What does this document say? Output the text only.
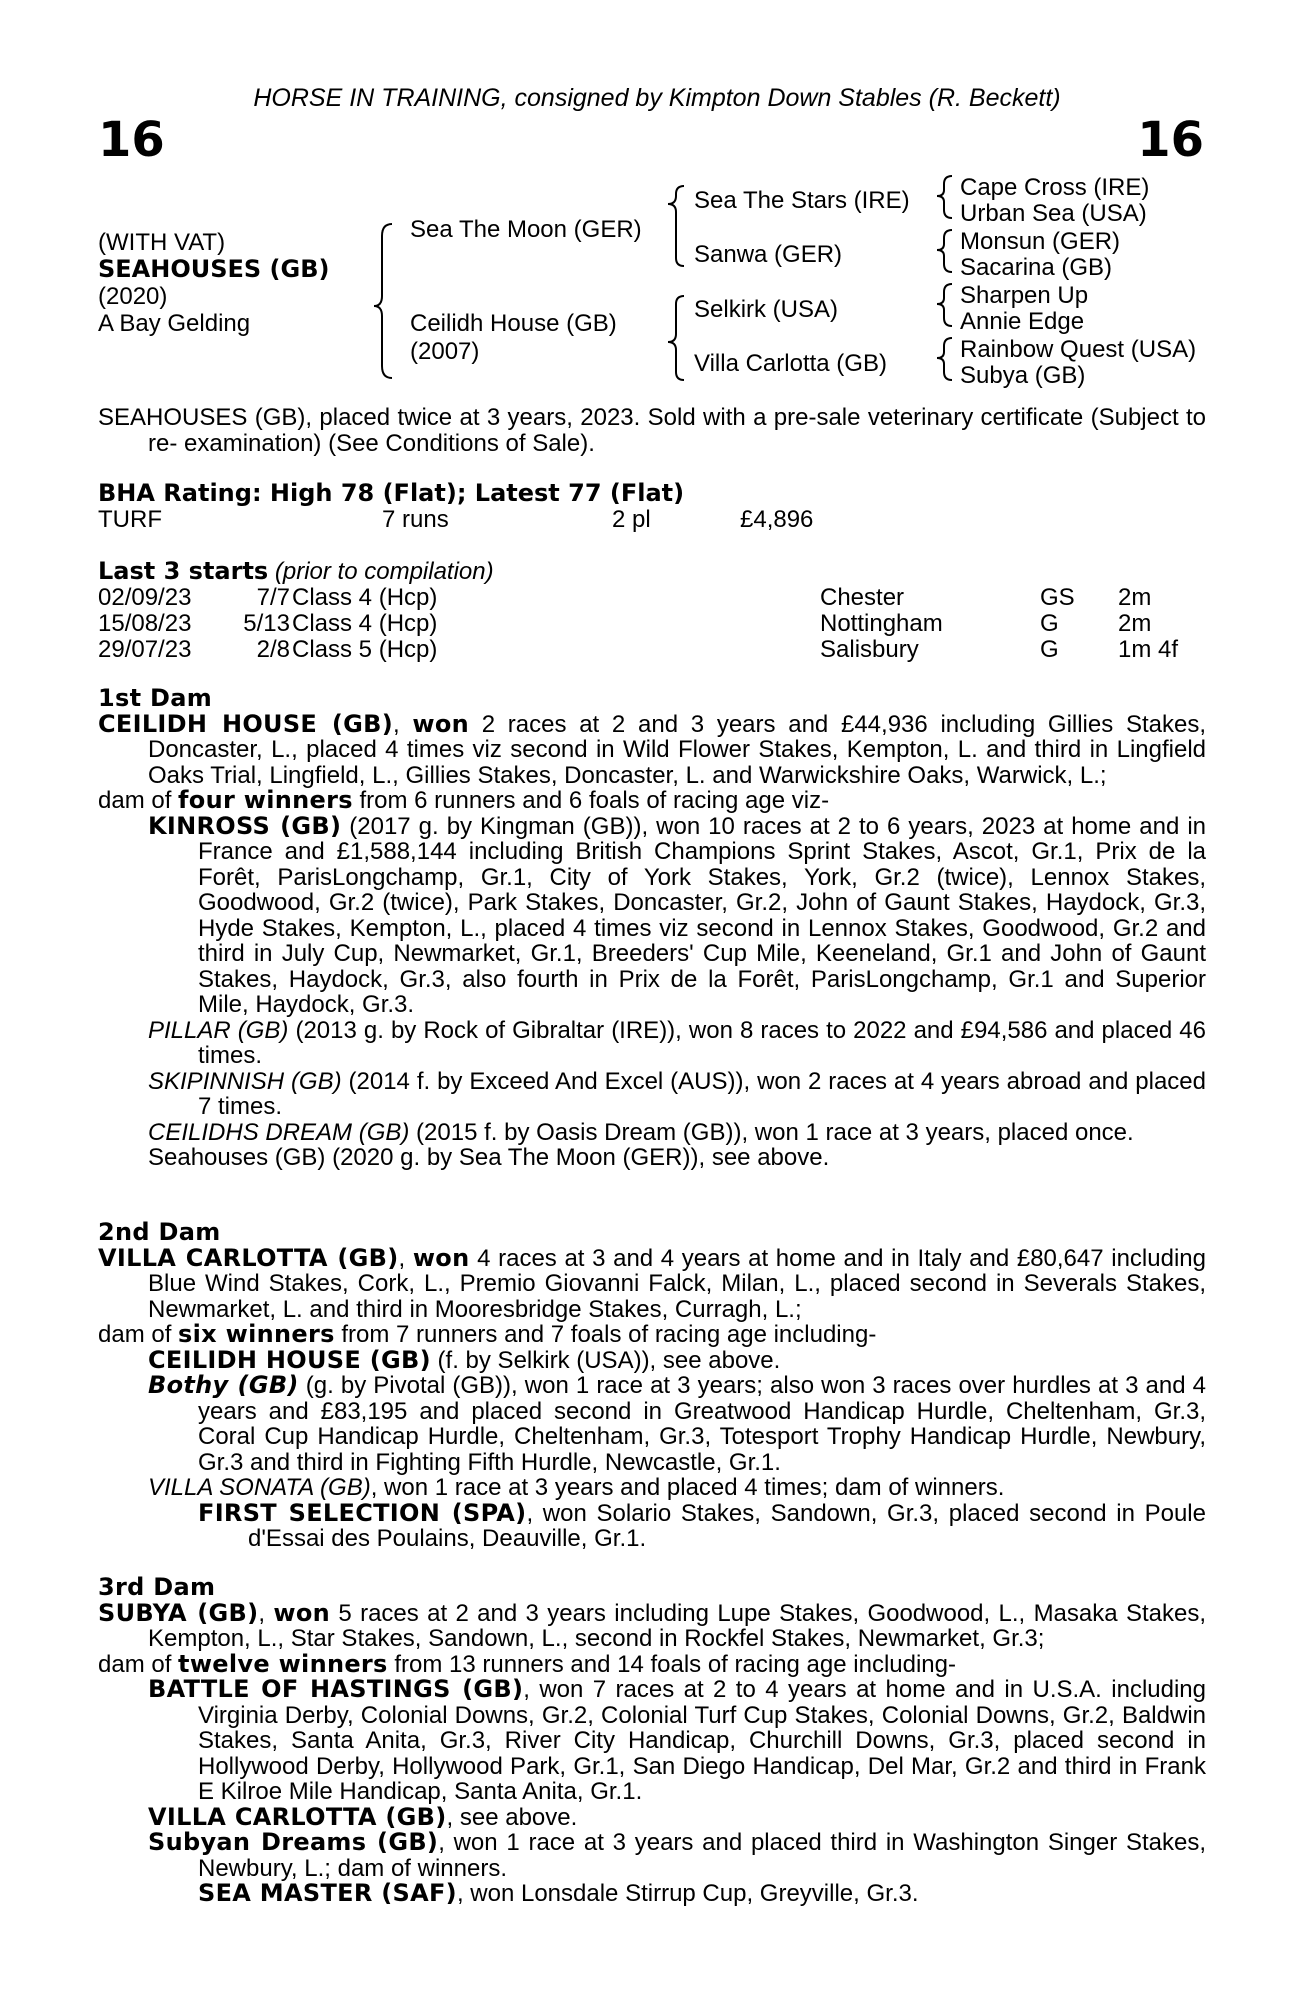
HORSE IN TRAINING, consigned by Kimpton Down Stables (R. Beckett)
16	16
(WITH VAT)
SEAHOUSES (GB)
(2020)
A Bay Gelding
Sea The Moon (GER)
Ceilidh House (GB)
(2007)
Sea The Stars (IRE)
Sanwa (GER)
Selkirk (USA)
Villa Carlotta (GB)
Cape Cross (IRE)
Urban Sea (USA)
Monsun (GER)
Sacarina (GB)
Sharpen Up
Annie Edge
Rainbow Quest (USA)
Subya (GB)

SEAHOUSES (GB), placed twice at 3 years, 2023. Sold with a pre-sale veterinary certificate (Subject to re- examination) (See Conditions of Sale).

BHA Rating: High 78 (Flat); Latest 77 (Flat)
TURF	7 runs	2 pl	£4,896
Last 3 starts (prior to compilation)
02/09/23	7/7 Class 4 (Hcp)	Chester	GS 2m
15/08/23	5/13 Class 4 (Hcp)	Nottingham	G 2m
29/07/23	2/8 Class 5 (Hcp)	Salisbury	G 1m 4f

1st Dam

CEILIDH HOUSE (GB), won 2 races at 2 and 3 years and £44,936 including Gillies Stakes, Doncaster, L., placed 4 times viz second in Wild Flower Stakes, Kempton, L. and third in Lingfield Oaks Trial, Lingfield, L., Gillies Stakes, Doncaster, L. and Warwickshire Oaks, Warwick, L.;

dam of four winners from 6 runners and 6 foals of racing age viz-

KINROSS (GB) (2017 g. by Kingman (GB)), won 10 races at 2 to 6 years, 2023 at home and in France and £1,588,144 including British Champions Sprint Stakes, Ascot, Gr.1, Prix de la Forêt, ParisLongchamp, Gr.1, City of York Stakes, York, Gr.2 (twice), Lennox Stakes, Goodwood, Gr.2 (twice), Park Stakes, Doncaster, Gr.2, John of Gaunt Stakes, Haydock, Gr.3, Hyde Stakes, Kempton, L., placed 4 times viz second in Lennox Stakes, Goodwood, Gr.2 and third in July Cup, Newmarket, Gr.1, Breeders' Cup Mile, Keeneland, Gr.1 and John of Gaunt Stakes, Haydock, Gr.3, also fourth in Prix de la Forêt, ParisLongchamp, Gr.1 and Superior Mile, Haydock, Gr.3.

PILLAR (GB) (2013 g. by Rock of Gibraltar (IRE)), won 8 races to 2022 and £94,586 and placed 46 times.

SKIPINNISH (GB) (2014 f. by Exceed And Excel (AUS)), won 2 races at 4 years abroad and placed 7 times.

CEILIDHS DREAM (GB) (2015 f. by Oasis Dream (GB)), won 1 race at 3 years, placed once.

Seahouses (GB) (2020 g. by Sea The Moon (GER)), see above.

2nd Dam

VILLA CARLOTTA (GB), won 4 races at 3 and 4 years at home and in Italy and £80,647 including Blue Wind Stakes, Cork, L., Premio Giovanni Falck, Milan, L., placed second in Severals Stakes, Newmarket, L. and third in Mooresbridge Stakes, Curragh, L.;

dam of six winners from 7 runners and 7 foals of racing age including-

CEILIDH HOUSE (GB) (f. by Selkirk (USA)), see above.

Bothy (GB) (g. by Pivotal (GB)), won 1 race at 3 years; also won 3 races over hurdles at 3 and 4 years and £83,195 and placed second in Greatwood Handicap Hurdle, Cheltenham, Gr.3, Coral Cup Handicap Hurdle, Cheltenham, Gr.3, Totesport Trophy Handicap Hurdle, Newbury, Gr.3 and third in Fighting Fifth Hurdle, Newcastle, Gr.1.

VILLA SONATA (GB), won 1 race at 3 years and placed 4 times; dam of winners.

FIRST SELECTION (SPA), won Solario Stakes, Sandown, Gr.3, placed second in Poule d'Essai des Poulains, Deauville, Gr.1.

3rd Dam

SUBYA (GB), won 5 races at 2 and 3 years including Lupe Stakes, Goodwood, L., Masaka Stakes, Kempton, L., Star Stakes, Sandown, L., second in Rockfel Stakes, Newmarket, Gr.3;

dam of twelve winners from 13 runners and 14 foals of racing age including-

BATTLE OF HASTINGS (GB), won 7 races at 2 to 4 years at home and in U.S.A. including Virginia Derby, Colonial Downs, Gr.2, Colonial Turf Cup Stakes, Colonial Downs, Gr.2, Baldwin Stakes, Santa Anita, Gr.3, River City Handicap, Churchill Downs, Gr.3, placed second in Hollywood Derby, Hollywood Park, Gr.1, San Diego Handicap, Del Mar, Gr.2 and third in Frank E Kilroe Mile Handicap, Santa Anita, Gr.1.

VILLA CARLOTTA (GB), see above.

Subyan Dreams (GB), won 1 race at 3 years and placed third in Washington Singer Stakes, Newbury, L.; dam of winners.

SEA MASTER (SAF), won Lonsdale Stirrup Cup, Greyville, Gr.3.
